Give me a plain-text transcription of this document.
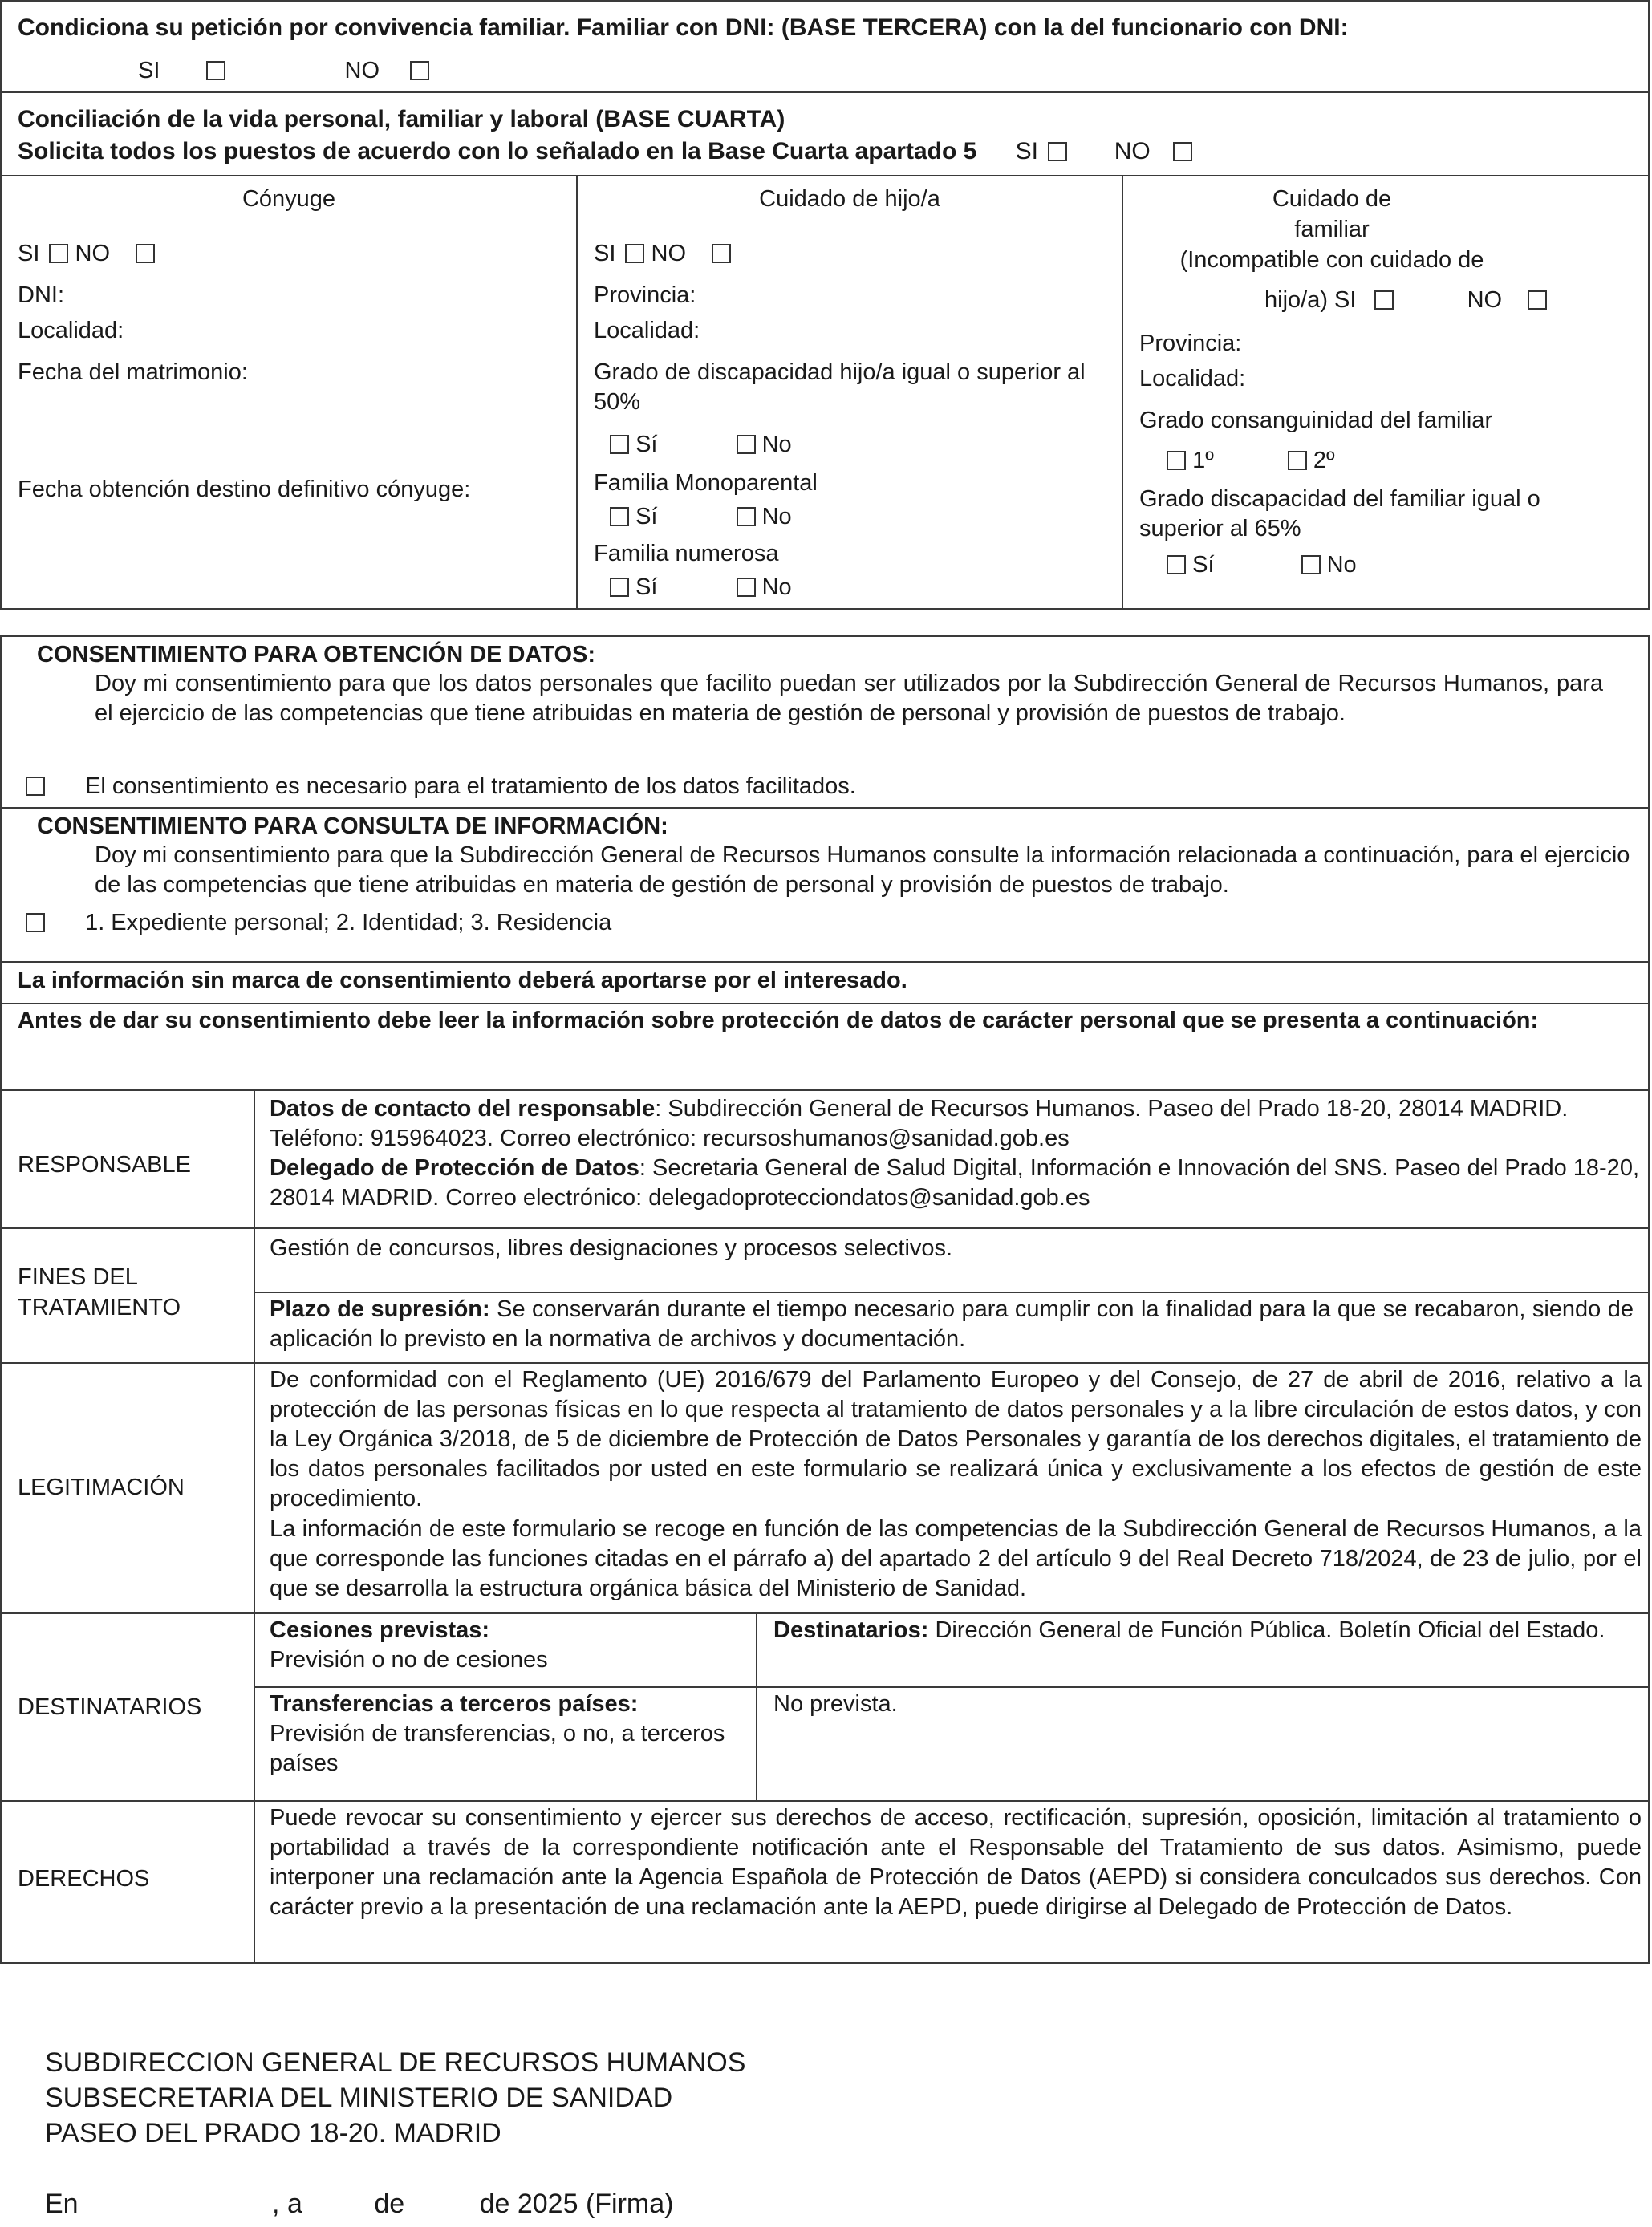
Condiciona su petición por convivencia familiar. Familiar con DNI: (BASE TERCERA) con la del funcionario con DNI:
SI	NO
Conciliación de la vida personal, familiar y laboral (BASE CUARTA)
Solicita todos los puestos de acuerdo con lo señalado en la Base Cuarta apartado 5 SI	NO
Cónyuge
SI NO
DNI:
Localidad:
Fecha del matrimonio:
Fecha obtención destino definitivo cónyuge:
Cuidado de hijo/a
SI NO
Provincia:
Localidad:
Grado de discapacidad hijo/a igual o superior al 50%
Sí	No
Familia Monoparental
Sí	No
Familia numerosa
Sí	No
Cuidado de
familiar
(Incompatible con cuidado de
hijo/a) SI	NO
Provincia:
Localidad:
Grado consanguinidad del familiar
1º	2º
Grado discapacidad del familiar igual o superior al 65%
Sí	No
CONSENTIMIENTO PARA OBTENCIÓN DE DATOS:
Doy mi consentimiento para que los datos personales que facilito puedan ser utilizados por la Subdirección General de Recursos Humanos, para el ejercicio de las competencias que tiene atribuidas en materia de gestión de personal y provisión de puestos de trabajo.
El consentimiento es necesario para el tratamiento de los datos facilitados.
CONSENTIMIENTO PARA CONSULTA DE INFORMACIÓN:
Doy mi consentimiento para que la Subdirección General de Recursos Humanos consulte la información relacionada a continuación, para el ejercicio de las competencias que tiene atribuidas en materia de gestión de personal y provisión de puestos de trabajo.
1. Expediente personal; 2. Identidad; 3. Residencia
La información sin marca de consentimiento deberá aportarse por el interesado.
Antes de dar su consentimiento debe leer la información sobre protección de datos de carácter personal que se presenta a continuación:
RESPONSABLE
Datos de contacto del responsable: Subdirección General de Recursos Humanos. Paseo del Prado 18-20, 28014 MADRID. Teléfono: 915964023. Correo electrónico: recursoshumanos@sanidad.gob.es
Delegado de Protección de Datos: Secretaria General de Salud Digital, Información e Innovación del SNS. Paseo del Prado 18-20, 28014 MADRID. Correo electrónico: delegadoprotecciondatos@sanidad.gob.es
FINES DEL
TRATAMIENTO
Gestión de concursos, libres designaciones y procesos selectivos.
Plazo de supresión: Se conservarán durante el tiempo necesario para cumplir con la finalidad para la que se recabaron, siendo de aplicación lo previsto en la normativa de archivos y documentación.
LEGITIMACIÓN
De conformidad con el Reglamento (UE) 2016/679 del Parlamento Europeo y del Consejo, de 27 de abril de 2016, relativo a la protección de las personas físicas en lo que respecta al tratamiento de datos personales y a la libre circulación de estos datos, y con la Ley Orgánica 3/2018, de 5 de diciembre de Protección de Datos Personales y garantía de los derechos digitales, el tratamiento de los datos personales facilitados por usted en este formulario se realizará única y exclusivamente a los efectos de gestión de este procedimiento.
La información de este formulario se recoge en función de las competencias de la Subdirección General de Recursos Humanos, a la que corresponde las funciones citadas en el párrafo a) del apartado 2 del artículo 9 del Real Decreto 718/2024, de 23 de julio, por el que se desarrolla la estructura orgánica básica del Ministerio de Sanidad.
DESTINATARIOS
Cesiones previstas:
Previsión o no de cesiones
Destinatarios: Dirección General de Función Pública. Boletín Oficial del Estado.
Transferencias a terceros países:
Previsión de transferencias, o no, a terceros países
No prevista.
DERECHOS
Puede revocar su consentimiento y ejercer sus derechos de acceso, rectificación, supresión, oposición, limitación al tratamiento o portabilidad a través de la correspondiente notificación ante el Responsable del Tratamiento de sus datos. Asimismo, puede interponer una reclamación ante la Agencia Española de Protección de Datos (AEPD) si considera conculcados sus derechos. Con carácter previo a la presentación de una reclamación ante la AEPD, puede dirigirse al Delegado de Protección de Datos.
SUBDIRECCION GENERAL DE RECURSOS HUMANOS
SUBSECRETARIA DEL MINISTERIO DE SANIDAD
PASEO DEL PRADO 18-20. MADRID
En	, a	de	de 2025 (Firma)
